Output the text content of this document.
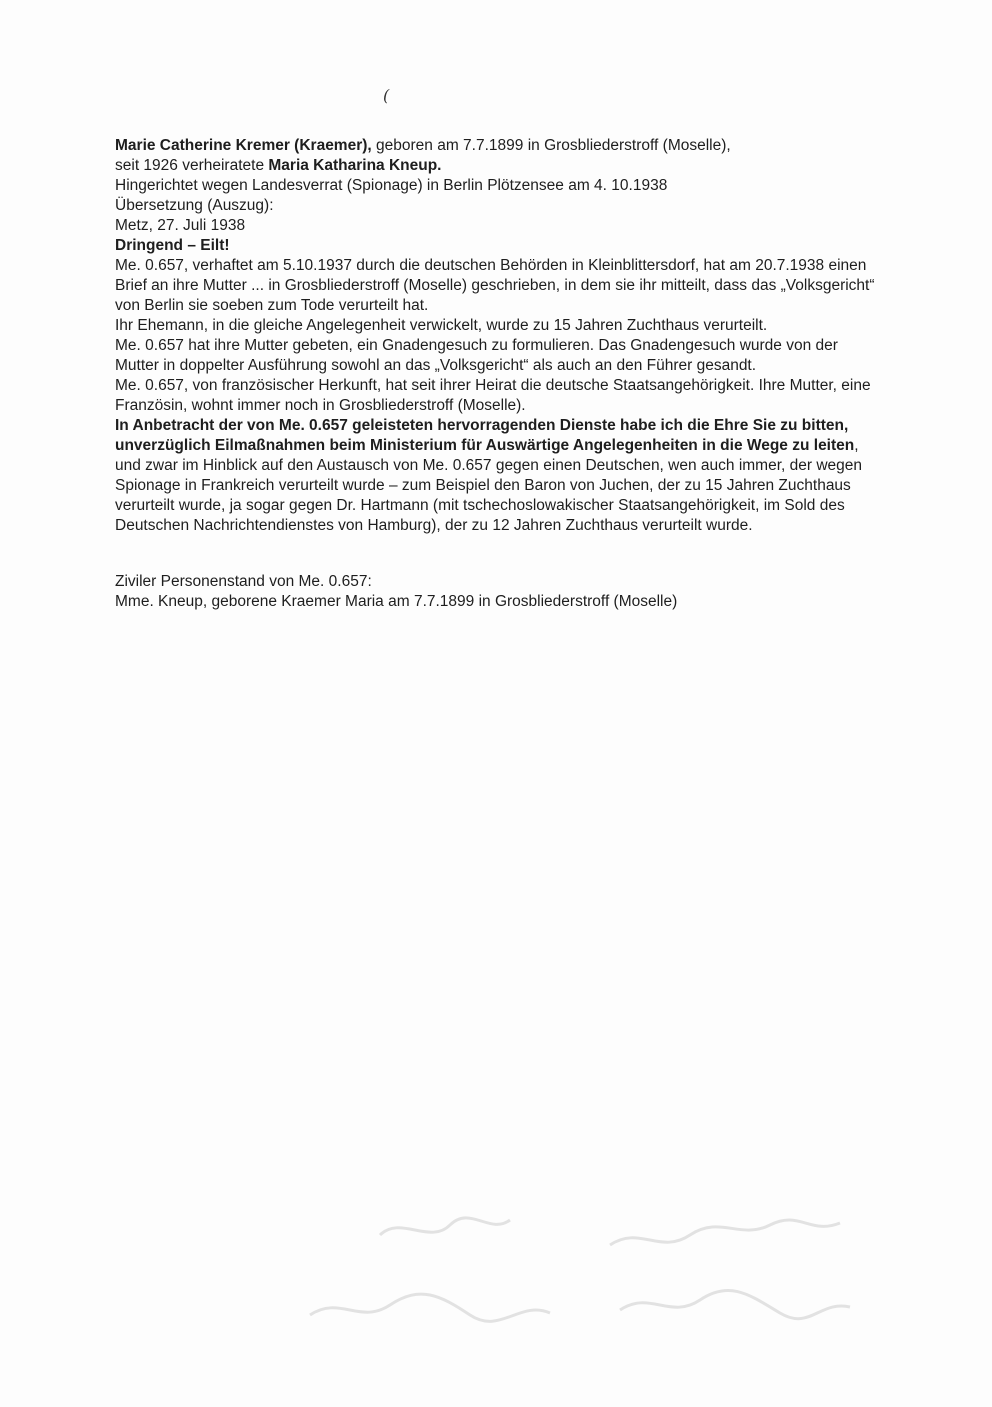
(

Marie Catherine Kremer (Kraemer), geboren am 7.7.1899 in Grosbliederstroff (Moselle),

seit 1926 verheiratete Maria Katharina Kneup.

Hingerichtet wegen Landesverrat (Spionage) in Berlin Plötzensee am 4. 10.1938

Übersetzung (Auszug):

Metz, 27. Juli 1938

Dringend – Eilt!

Me. 0.657, verhaftet am 5.10.1937 durch die deutschen Behörden in Kleinblittersdorf, hat am 20.7.1938 einen Brief an ihre Mutter ... in Grosbliederstroff (Moselle) geschrieben, in dem sie ihr mitteilt, dass das „Volksgericht“ von Berlin sie soeben zum Tode verurteilt hat.

Ihr Ehemann, in die gleiche Angelegenheit verwickelt, wurde zu 15 Jahren Zuchthaus verurteilt.

Me. 0.657 hat ihre Mutter gebeten, ein Gnadengesuch zu formulieren. Das Gnadengesuch wurde von der Mutter in doppelter Ausführung sowohl an das „Volksgericht“ als auch an den Führer gesandt.

Me. 0.657, von französischer Herkunft, hat seit ihrer Heirat die deutsche Staatsangehörigkeit. Ihre Mutter, eine Französin, wohnt immer noch in Grosbliederstroff (Moselle).

In Anbetracht der von Me. 0.657 geleisteten hervorragenden Dienste habe ich die Ehre Sie zu bitten, unverzüglich Eilmaßnahmen beim Ministerium für Auswärtige Angelegenheiten in die Wege zu leiten, und zwar im Hinblick auf den Austausch von Me. 0.657 gegen einen Deutschen, wen auch immer, der wegen Spionage in Frankreich verurteilt wurde – zum Beispiel den Baron von Juchen, der zu 15 Jahren Zuchthaus verurteilt wurde, ja sogar gegen Dr. Hartmann (mit tschechoslowakischer Staatsangehörigkeit, im Sold des Deutschen Nachrichtendienstes von Hamburg), der zu 12 Jahren Zuchthaus verurteilt wurde.

Ziviler Personenstand von Me. 0.657:

Mme. Kneup, geborene Kraemer Maria am 7.7.1899 in Grosbliederstroff (Moselle)
